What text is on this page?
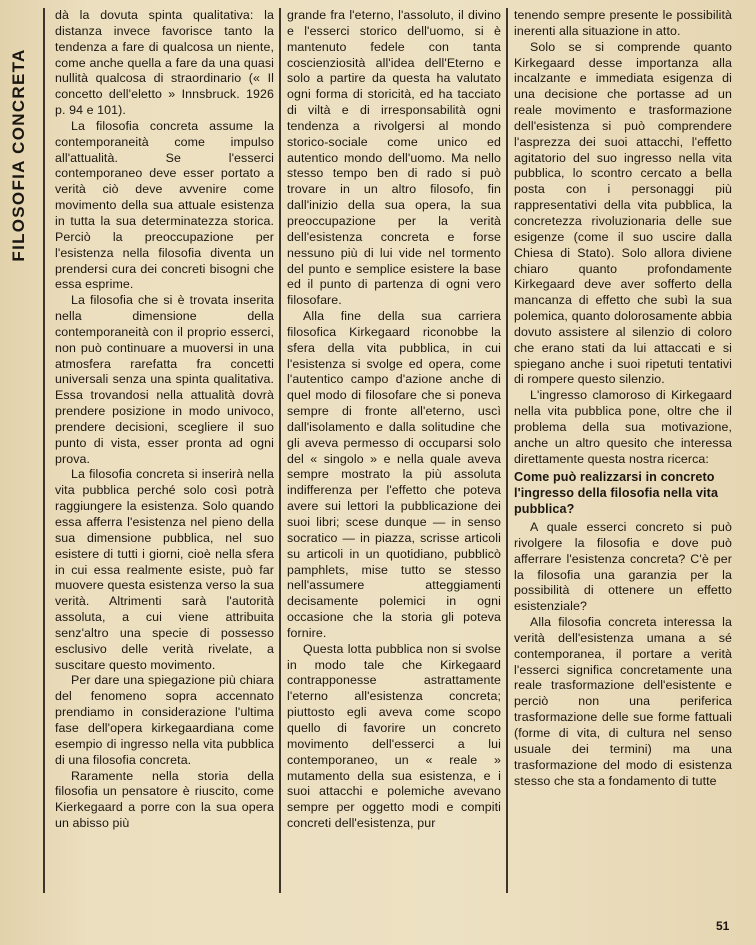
FILOSOFIA CONCRETA

dà la dovuta spinta qualitativa: la distanza invece favorisce tanto la tendenza a fare di qualcosa un niente, come anche quella a fare da una quasi nullità qualcosa di straordinario (« Il concetto dell'eletto » Innsbruck. 1926 p. 94 e 101).

La filosofia concreta assume la contemporaneità come impulso all'attualità. Se l'esserci contemporaneo deve esser portato a verità ciò deve avvenire come movimento della sua attuale esistenza in tutta la sua determinatezza storica. Perciò la preoccupazione per l'esistenza nella filosofia diventa un prendersi cura dei concreti bisogni che essa esprime.

La filosofia che si è trovata inserita nella dimensione della contemporaneità con il proprio esserci, non può continuare a muoversi in una atmosfera rarefatta fra concetti universali senza una spinta qualitativa. Essa trovandosi nella attualità dovrà prendere posizione in modo univoco, prendere decisioni, scegliere il suo punto di vista, esser pronta ad ogni prova.

La filosofia concreta si inserirà nella vita pubblica perché solo così potrà raggiungere la esistenza. Solo quando essa afferra l'esistenza nel pieno della sua dimensione pubblica, nel suo esistere di tutti i giorni, cioè nella sfera in cui essa realmente esiste, può far muovere questa esistenza verso la sua verità. Altrimenti sarà l'autorità assoluta, a cui viene attribuita senz'altro una specie di possesso esclusivo delle verità rivelate, a suscitare questo movimento.

Per dare una spiegazione più chiara del fenomeno sopra accennato prendiamo in considerazione l'ultima fase dell'opera kirkegaardiana come esempio di ingresso nella vita pubblica di una filosofia concreta.

Raramente nella storia della filosofia un pensatore è riuscito, come Kierkegaard a porre con la sua opera un abisso più

grande fra l'eterno, l'assoluto, il divino e l'esserci storico dell'uomo, si è mantenuto fedele con tanta coscienziosità all'idea dell'Eterno e solo a partire da questa ha valutato ogni forma di storicità, ed ha tacciato di viltà e di irresponsabilità ogni tendenza a rivolgersi al mondo storico-sociale come unico ed autentico mondo dell'uomo. Ma nello stesso tempo ben di rado si può trovare in un altro filosofo, fin dall'inizio della sua opera, la sua preoccupazione per la verità dell'esistenza concreta e forse nessuno più di lui vide nel tormento del punto e semplice esistere la base ed il punto di partenza di ogni vero filosofare.

Alla fine della sua carriera filosofica Kirkegaard riconobbe la sfera della vita pubblica, in cui l'esistenza si svolge ed opera, come l'autentico campo d'azione anche di quel modo di filosofare che si poneva sempre di fronte all'eterno, uscì dall'isolamento e dalla solitudine che gli aveva permesso di occuparsi solo del « singolo » e nella quale aveva sempre mostrato la più assoluta indifferenza per l'effetto che poteva avere sui lettori la pubblicazione dei suoi libri; scese dunque — in senso socratico — in piazza, scrisse articoli su articoli in un quotidiano, pubblicò pamphlets, mise tutto se stesso nell'assumere atteggiamenti decisamente polemici in ogni occasione che la storia gli poteva fornire.

Questa lotta pubblica non si svolse in modo tale che Kirkegaard contrapponesse astrattamente l'eterno all'esistenza concreta; piuttosto egli aveva come scopo quello di favorire un concreto movimento dell'esserci a lui contemporaneo, un « reale » mutamento della sua esistenza, e i suoi attacchi e polemiche avevano sempre per oggetto modi e compiti concreti dell'esistenza, pur

tenendo sempre presente le possibilità inerenti alla situazione in atto.

Solo se si comprende quanto Kirkegaard desse importanza alla incalzante e immediata esigenza di una decisione che portasse ad un reale movimento e trasformazione dell'esistenza si può comprendere l'asprezza dei suoi attacchi, l'effetto agitatorio del suo ingresso nella vita pubblica, lo scontro cercato a bella posta con i personaggi più rappresentativi della vita pubblica, la concretezza rivoluzionaria delle sue esigenze (come il suo uscire dalla Chiesa di Stato). Solo allora diviene chiaro quanto profondamente Kirkegaard deve aver sofferto della mancanza di effetto che subì la sua polemica, quanto dolorosamente abbia dovuto assistere al silenzio di coloro che erano stati da lui attaccati e si spiegano anche i suoi ripetuti tentativi di rompere questo silenzio.

L'ingresso clamoroso di Kirkegaard nella vita pubblica pone, oltre che il problema della sua motivazione, anche un altro quesito che interessa direttamente questa nostra ricerca:

Come può realizzarsi in concreto l'ingresso della filosofia nella vita pubblica?

A quale esserci concreto si può rivolgere la filosofia e dove può afferrare l'esistenza concreta? C'è per la filosofia una garanzia per la possibilità di ottenere un effetto esistenziale?

Alla filosofia concreta interessa la verità dell'esistenza umana a sé contemporanea, il portare a verità l'esserci significa concretamente una reale trasformazione dell'esistente e perciò non una periferica trasformazione delle sue forme fattuali (forme di vita, di cultura nel senso usuale dei termini) ma una trasformazione del modo di esistenza stesso che sta a fondamento di tutte

51
